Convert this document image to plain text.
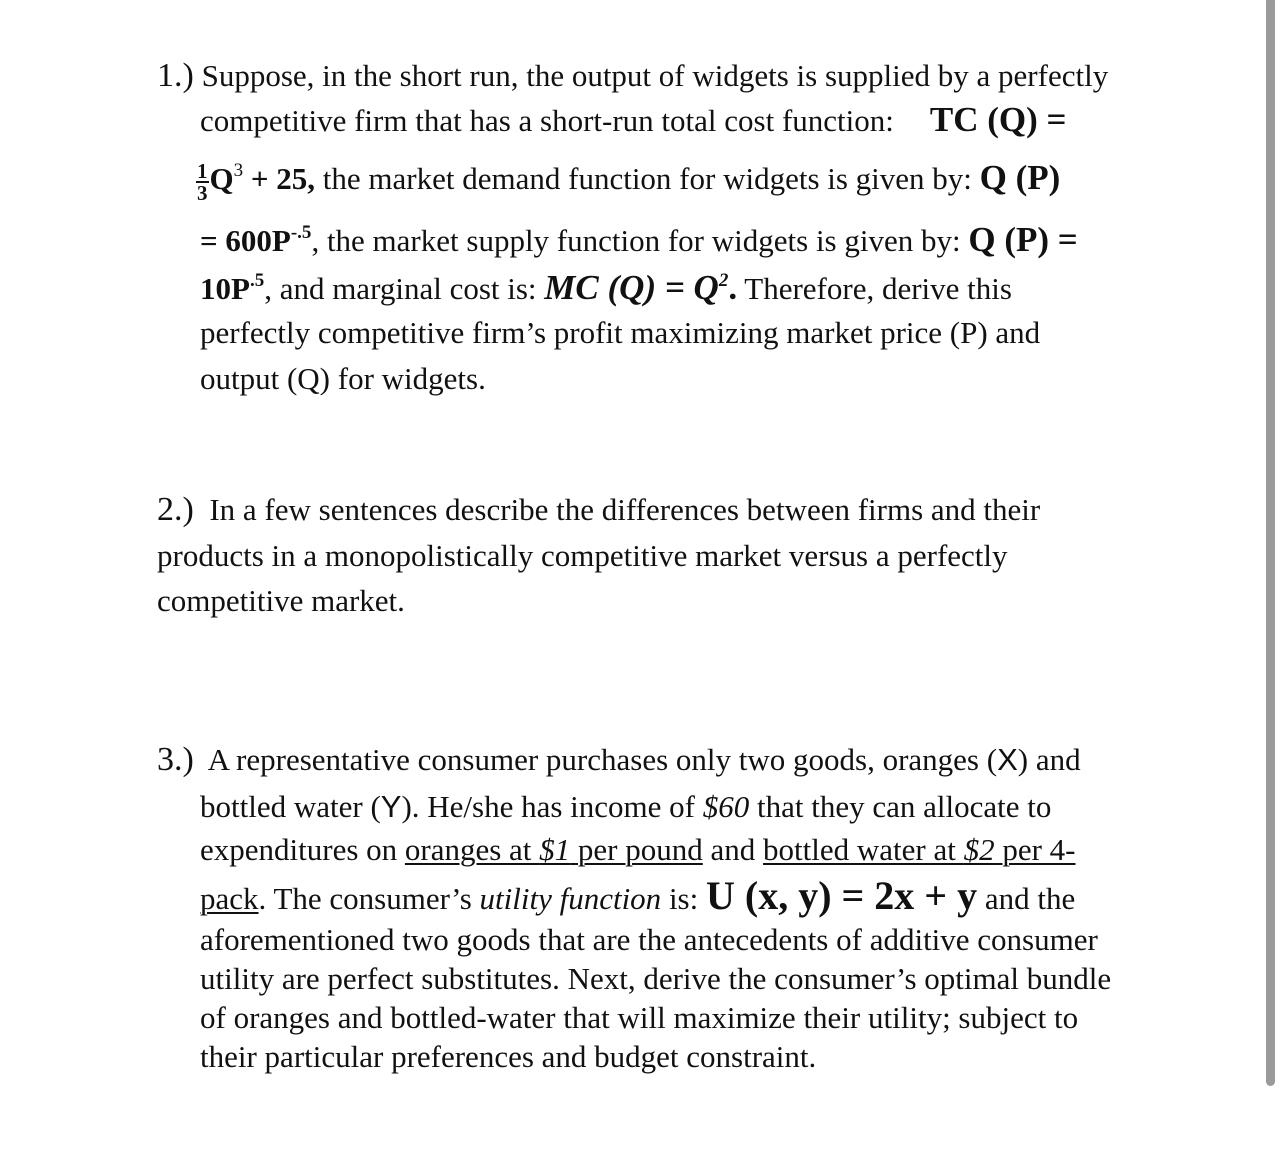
1.) Suppose, in the short run, the output of widgets is supplied by a perfectly
competitive firm that has a short-run total cost function: TC (Q) =
$\frac{1}{3} Q^3 + 25$, the market demand function for widgets is given by: Q (P)
= $600P^{-.5}$, the market supply function for widgets is given by: Q (P) =
$10P^{.5}$, and marginal cost is: MC $(Q) = Q^2$. Therefore, derive this
perfectly competitive firm’s profit maximizing market price (P) and
output (Q) for widgets.
2.) In a few sentences describe the differences between firms and their
products in a monopolistically competitive market versus a perfectly
competitive market.
3.) A representative consumer purchases only two goods, oranges (X) and
bottled water (Y). He/she has income of $60 that they can allocate to
expenditures on oranges at $1 per pound and bottled water at $2 per 4-
pack. The consumer’s utility function is: U (x, y) = 2x + y and the
aforementioned two goods that are the antecedents of additive consumer
utility are perfect substitutes. Next, derive the consumer’s optimal bundle
of oranges and bottled-water that will maximize their utility; subject to
their particular preferences and budget constraint.
